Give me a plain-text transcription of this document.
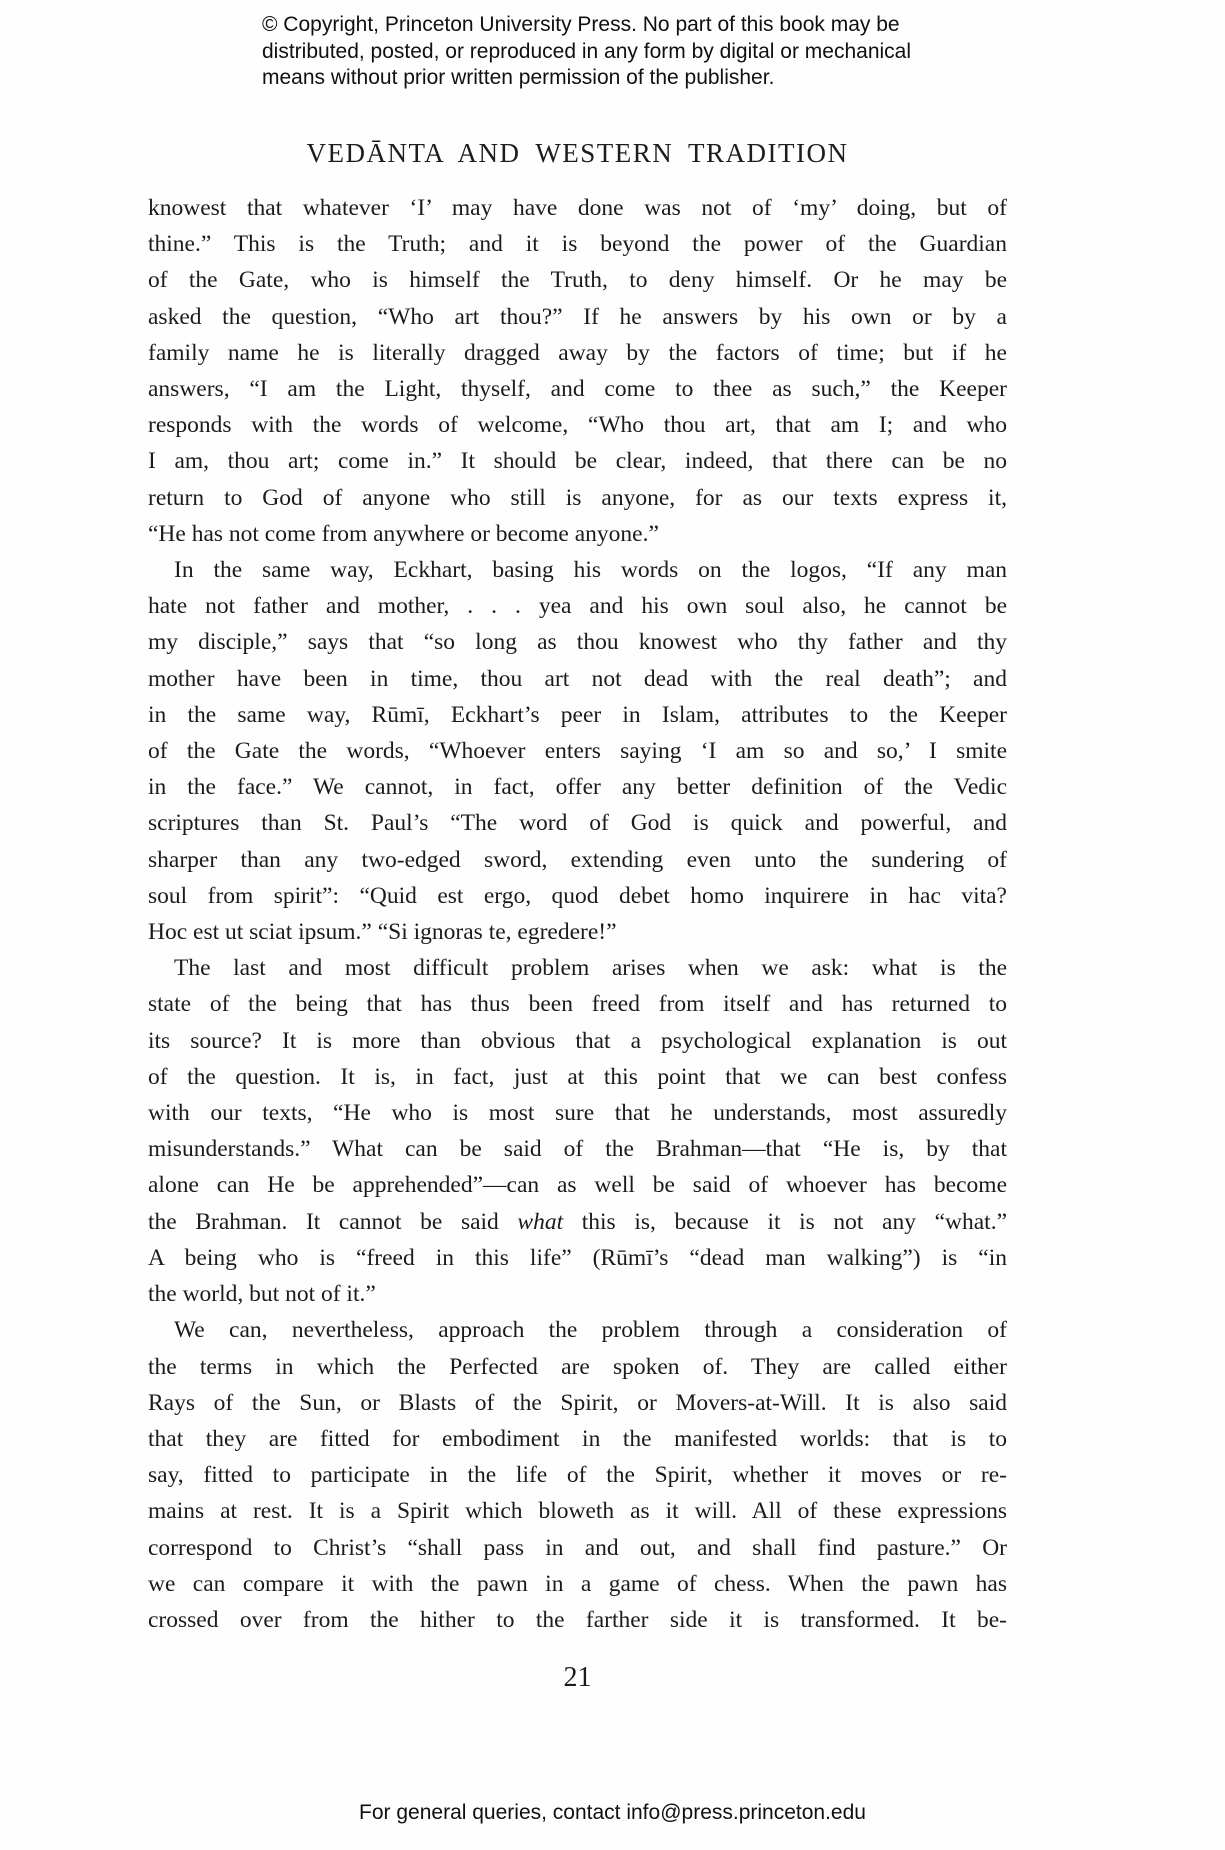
© Copyright, Princeton University Press. No part of this book may be
distributed, posted, or reproduced in any form by digital or mechanical
means without prior written permission of the publisher.
VEDĀNTA AND WESTERN TRADITION
knowest that whatever ‘I’ may have done was not of ‘my’ doing, but of
thine.” This is the Truth; and it is beyond the power of the Guardian
of the Gate, who is himself the Truth, to deny himself. Or he may be
asked the question, “Who art thou?” If he answers by his own or by a
family name he is literally dragged away by the factors of time; but if he
answers, “I am the Light, thyself, and come to thee as such,” the Keeper
responds with the words of welcome, “Who thou art, that am I; and who
I am, thou art; come in.” It should be clear, indeed, that there can be no
return to God of anyone who still is anyone, for as our texts express it,
“He has not come from anywhere or become anyone.”
In the same way, Eckhart, basing his words on the logos, “If any man
hate not father and mother, . . . yea and his own soul also, he cannot be
my disciple,” says that “so long as thou knowest who thy father and thy
mother have been in time, thou art not dead with the real death”; and
in the same way, Rūmī, Eckhart’s peer in Islam, attributes to the Keeper
of the Gate the words, “Whoever enters saying ‘I am so and so,’ I smite
in the face.” We cannot, in fact, offer any better definition of the Vedic
scriptures than St. Paul’s “The word of God is quick and powerful, and
sharper than any two-edged sword, extending even unto the sundering of
soul from spirit”: “Quid est ergo, quod debet homo inquirere in hac vita?
Hoc est ut sciat ipsum.” “Si ignoras te, egredere!”
The last and most difficult problem arises when we ask: what is the
state of the being that has thus been freed from itself and has returned to
its source? It is more than obvious that a psychological explanation is out
of the question. It is, in fact, just at this point that we can best confess
with our texts, “He who is most sure that he understands, most assuredly
misunderstands.” What can be said of the Brahman—that “He is, by that
alone can He be apprehended”—can as well be said of whoever has become
the Brahman. It cannot be said what this is, because it is not any “what.”
A being who is “freed in this life” (Rūmī’s “dead man walking”) is “in
the world, but not of it.”
We can, nevertheless, approach the problem through a consideration of
the terms in which the Perfected are spoken of. They are called either
Rays of the Sun, or Blasts of the Spirit, or Movers-at-Will. It is also said
that they are fitted for embodiment in the manifested worlds: that is to
say, fitted to participate in the life of the Spirit, whether it moves or re-
mains at rest. It is a Spirit which bloweth as it will. All of these expressions
correspond to Christ’s “shall pass in and out, and shall find pasture.” Or
we can compare it with the pawn in a game of chess. When the pawn has
crossed over from the hither to the farther side it is transformed. It be-
21
For general queries, contact info@press.princeton.edu
